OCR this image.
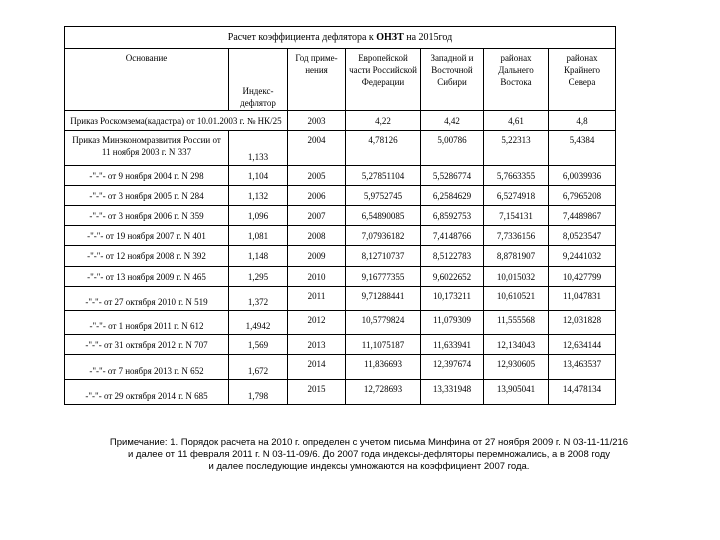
Расчет коэффициента дефлятора к ОНЗТ на 2015год						
Основание	Индекс-дефлятор	Год приме-нения	Европейской части Российской Федерации	Западной и Восточной Сибири	районах Дальнего Востока	районах Крайнего Севера
Приказ Роскомзема(кадастра) от 10.01.2003 г. № НК/25		2003	4,22	4,42	4,61	4,8
Приказ Минэкономразвития России от 11 ноября 2003 г. N 337	1,133	2004	4,78126	5,00786	5,22313	5,4384
-"-"- от 9 ноября 2004 г. N 298	1,104	2005	5,27851104	5,5286774	5,7663355	6,0039936
-"-"- от 3 ноября 2005 г. N 284	1,132	2006	5,9752745	6,2584629	6,5274918	6,7965208
-"-"- от 3 ноября 2006 г. N 359	1,096	2007	6,54890085	6,8592753	7,154131	7,4489867
-"-"- от 19 ноября 2007 г. N 401	1,081	2008	7,07936182	7,4148766	7,7336156	8,0523547
-"-"- от 12 ноября 2008 г. N 392	1,148	2009	8,12710737	8,5122783	8,8781907	9,2441032
-"-"- от 13 ноября 2009 г. N 465	1,295	2010	9,16777355	9,6022652	10,015032	10,427799
-"-"- от 27 октября 2010 г. N 519	1,372	2011	9,71288441	10,173211	10,610521	11,047831
-"-"- от 1 ноября 2011 г. N 612	1,4942	2012	10,5779824	11,079309	11,555568	12,031828
-"-"- от 31 октября 2012 г. N 707	1,569	2013	11,1075187	11,633941	12,134043	12,634144
-"-"- от 7 ноября 2013 г. N 652	1,672	2014	11,836693	12,397674	12,930605	13,463537
-"-"- от 29 октября 2014 г. N 685	1,798	2015	12,728693	13,331948	13,905041	14,478134
Примечание: 1. Порядок расчета на 2010 г. определен с учетом письма Минфина от 27 ноября 2009 г. N 03-11-11/216
и далее от 11 февраля 2011 г. N 03-11-09/6. До 2007 года индексы-дефляторы перемножались, а в 2008 году
и далее последующие индексы умножаются на коэффициент 2007 года.
